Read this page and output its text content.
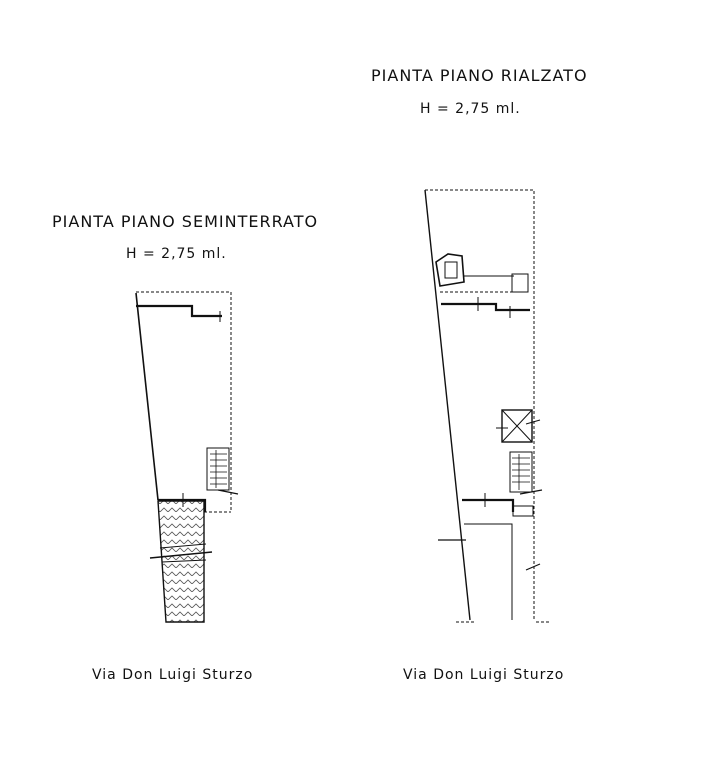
PIANTA PIANO SEMINTERRATO
H = 2,75 ml.
Via Don Luigi Sturzo
PIANTA PIANO RIALZATO
H = 2,75 ml.
Via Don Luigi Sturzo
